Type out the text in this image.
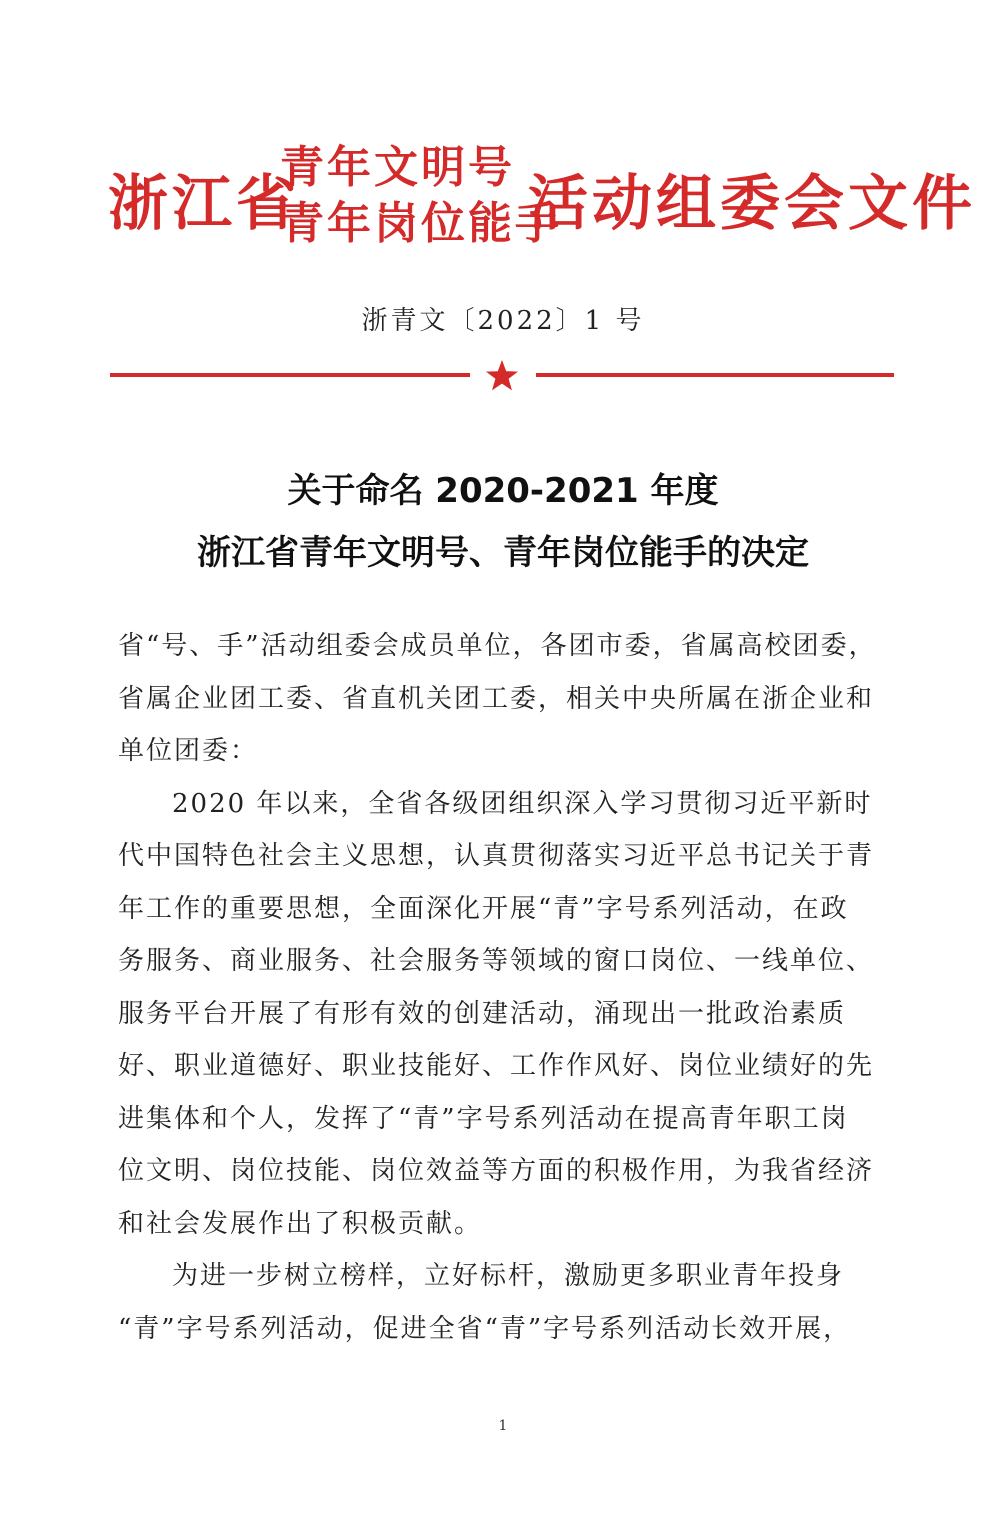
浙江省
青年文明号
青年岗位能手
活动组委会文件
浙青文〔2022〕1 号
关于命名 2020-2021 年度
浙江省青年文明号、青年岗位能手的决定

省“号、手”活动组委会成员单位，各团市委，省属高校团委，
省属企业团工委、省直机关团工委，相关中央所属在浙企业和
单位团委：

2020 年以来，全省各级团组织深入学习贯彻习近平新时
代中国特色社会主义思想，认真贯彻落实习近平总书记关于青
年工作的重要思想，全面深化开展“青”字号系列活动，在政
务服务、商业服务、社会服务等领域的窗口岗位、一线单位、
服务平台开展了有形有效的创建活动，涌现出一批政治素质
好、职业道德好、职业技能好、工作作风好、岗位业绩好的先
进集体和个人，发挥了“青”字号系列活动在提高青年职工岗
位文明、岗位技能、岗位效益等方面的积极作用，为我省经济
和社会发展作出了积极贡献。

为进一步树立榜样，立好标杆，激励更多职业青年投身
“青”字号系列活动，促进全省“青”字号系列活动长效开展，

1
